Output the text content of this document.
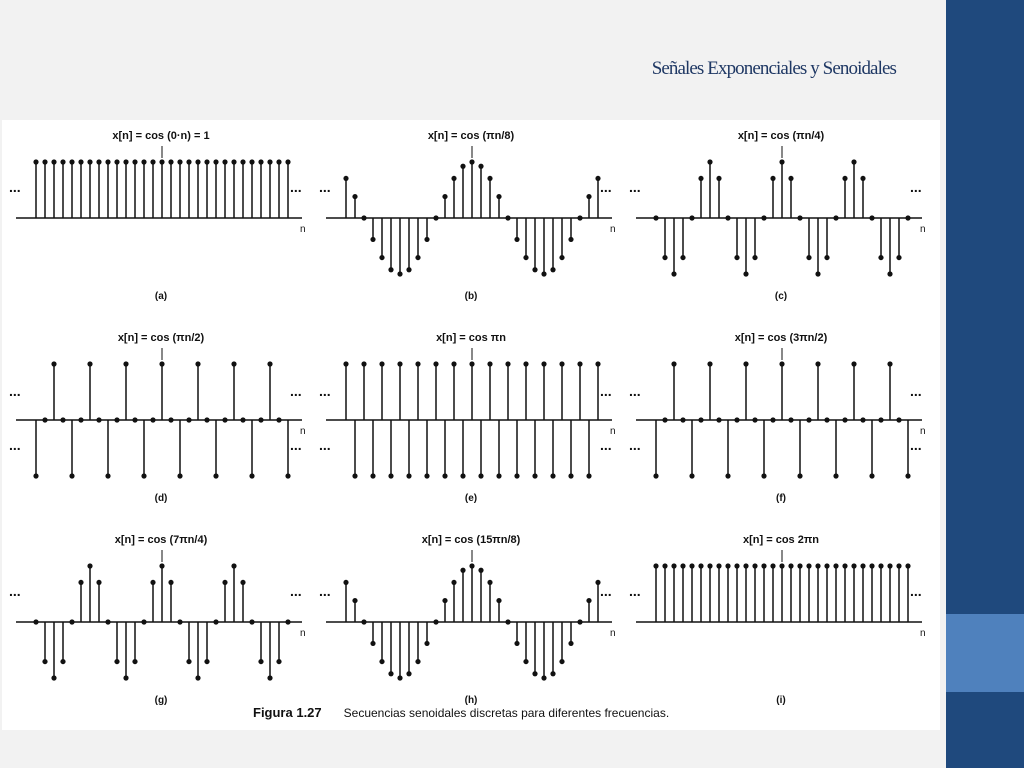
Señales Exponenciales y Senoidales
n
...	...
x[n] = cos (0·n) = 1
(a)
n
...	...
x[n] = cos (πn/8)
(b)
n
...	...
x[n] = cos (πn/4)
(c)
n
...	...
...	...
x[n] = cos (πn/2)
(d)
n
...	...
...	...
x[n] = cos πn
(e)
n
...	...
...	...
x[n] = cos (3πn/2)
(f)
n
...	...
x[n] = cos (7πn/4)
(g)
n
...	...
x[n] = cos (15πn/8)
(h)
n
...	...
x[n] = cos 2πn
(i)
Figura 1.27 Secuencias senoidales discretas para diferentes frecuencias.
